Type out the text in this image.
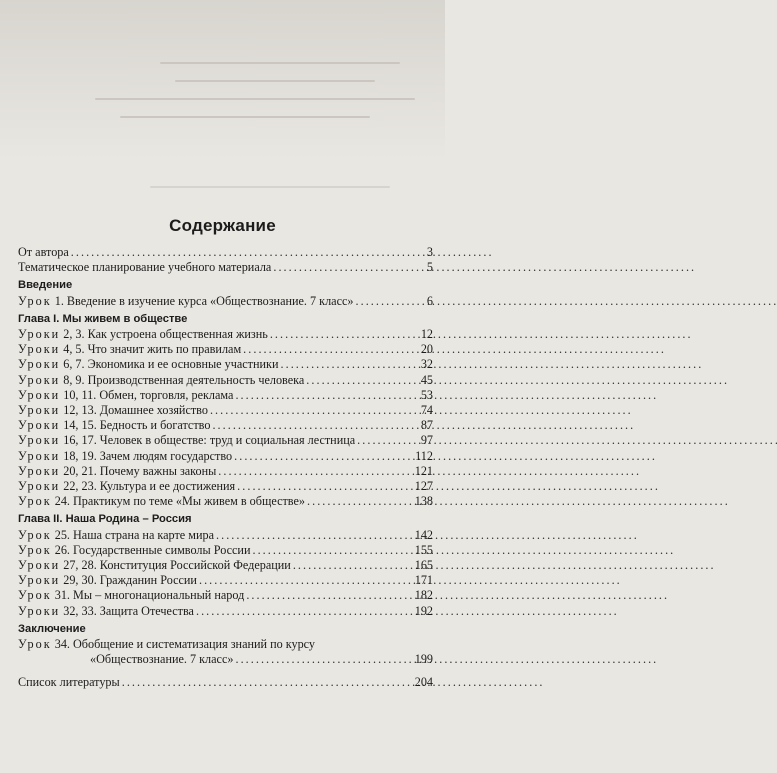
Содержание
От автора . . .	3
Тематическое планирование учебного материала . . .	5
Введение
Урок 1. Введение в изучение курса «Обществознание. 7 класс» . . .	6
Глава I. Мы живем в обществе
Уроки 2, 3. Как устроена общественная жизнь . . .	12
Уроки 4, 5. Что значит жить по правилам . . .	20
Уроки 6, 7. Экономика и ее основные участники . . .	32
Уроки 8, 9. Производственная деятельность человека . . .	45
Уроки 10, 11. Обмен, торговля, реклама . . .	53
Уроки 12, 13. Домашнее хозяйство . . .	74
Уроки 14, 15. Бедность и богатство . . .	87
Уроки 16, 17. Человек в обществе: труд и социальная лестница . . .	97
Уроки 18, 19. Зачем людям государство . . .	112
Уроки 20, 21. Почему важны законы . . .	121
Уроки 22, 23. Культура и ее достижения . . .	127
Урок 24. Практикум по теме «Мы живем в обществе» . . .	138
Глава II. Наша Родина – Россия
Урок 25. Наша страна на карте мира . . .	142
Урок 26. Государственные символы России . . .	155
Уроки 27, 28. Конституция Российской Федерации . . .	165
Уроки 29, 30. Гражданин России . . .	171
Урок 31. Мы – многонациональный народ . . .	182
Уроки 32, 33. Защита Отечества . . .	192
Заключение
Урок 34. Обобщение и систематизация знаний по курсу
«Обществознание. 7 класс» . . .	199
Список литературы . . .	204
